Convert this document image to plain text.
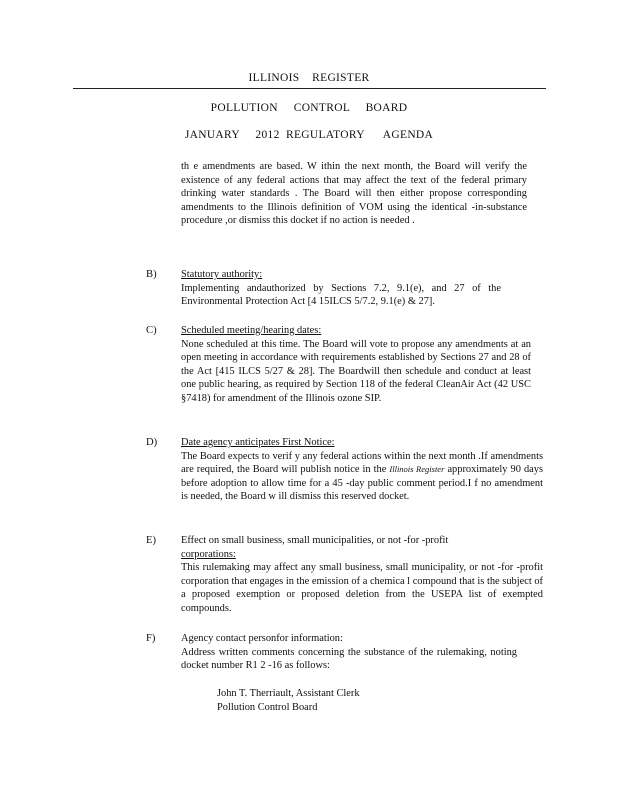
ILLINOIS    REGISTER
POLLUTION     CONTROL     BOARD
JANUARY     2012  REGULATORY      AGENDA

th e amendments are based. W ithin the next month, the Board will verify the existence of any federal actions that may affect the text of the federal primary drinking water standards . The Board will then either propose corresponding amendments to the Illinois definition of VOM using the identical -in-substance procedure ,or dismiss this docket if no action is needed .

B) Statutory authority:

Implementing andauthorized by Sections 7.2, 9.1(e), and 27 of the Environmental Protection Act [4 15ILCS 5/7.2, 9.1(e) & 27].

C) Scheduled meeting/hearing dates:

None scheduled at this time. The Board will vote to propose any amendments at an open meeting in accordance with requirements established by Sections 27 and 28 of the Act [415 ILCS 5/27 & 28]. The Boardwill then schedule and conduct at least one public hearing, as required by Section 118 of the federal CleanAir Act (42 USC §7418) for amendment of the Illinois ozone SIP.

D) Date agency anticipates First Notice:

The Board expects to verif y any federal actions within the next month .If amendments are required, the Board will publish notice in the Illinois Register approximately 90 days before adoption to allow time for a 45 -day public comment period.I f no amendment is needed, the Board w ill dismiss this reserved docket.

E) Effect on small business, small municipalities, or not -for -profit

corporations:

This rulemaking may affect any small business, small municipality, or not -for -profit corporation that engages in the emission of a chemica l compound that is the subject of a proposed exemption or proposed deletion from the USEPA list of exempted compounds.

F) Agency contact personfor information:

Address written comments concerning the substance of the rulemaking, noting docket number R1 2 -16 as follows:

John T. Therriault, Assistant Clerk
Pollution Control Board
